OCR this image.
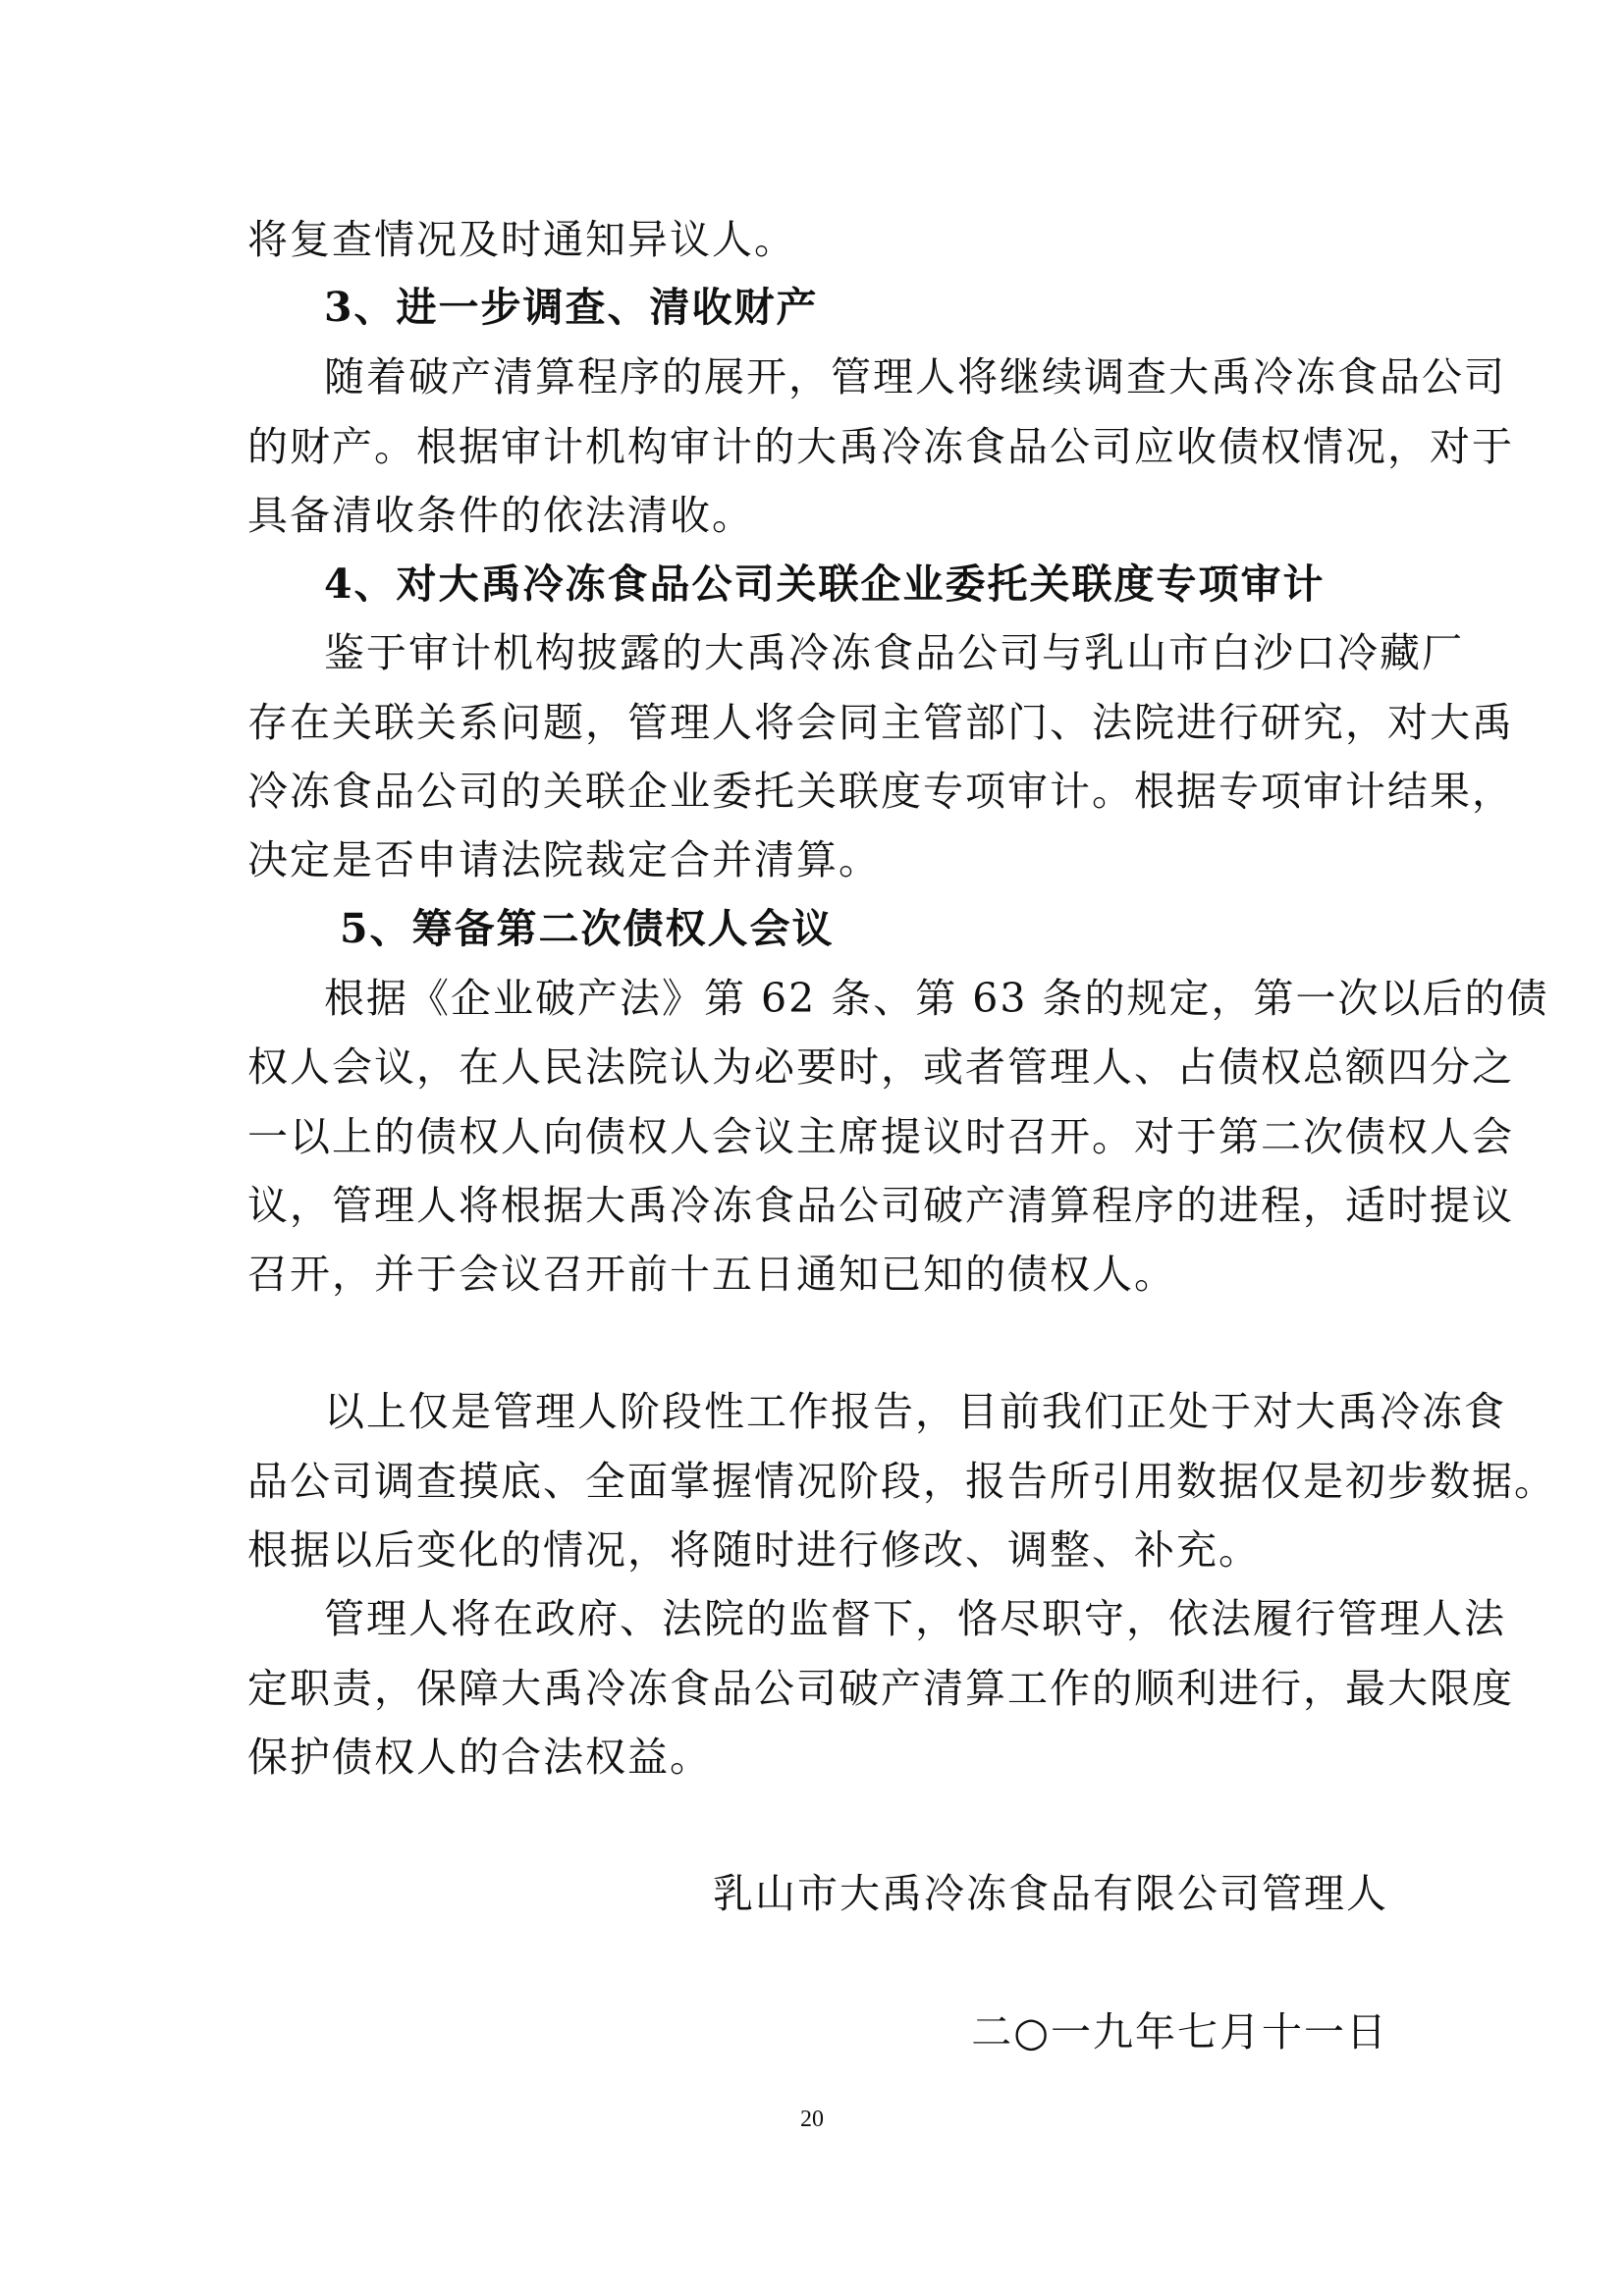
将复查情况及时通知异议人。
3、进一步调查、清收财产
随着破产清算程序的展开，管理人将继续调查大禹冷冻食品公司
的财产。根据审计机构审计的大禹冷冻食品公司应收债权情况，对于
具备清收条件的依法清收。
4、对大禹冷冻食品公司关联企业委托关联度专项审计
鉴于审计机构披露的大禹冷冻食品公司与乳山市白沙口冷藏厂
存在关联关系问题，管理人将会同主管部门、法院进行研究，对大禹
冷冻食品公司的关联企业委托关联度专项审计。根据专项审计结果，
决定是否申请法院裁定合并清算。
5、筹备第二次债权人会议
根据《企业破产法》第 62 条、第 63 条的规定，第一次以后的债
权人会议，在人民法院认为必要时，或者管理人、占债权总额四分之
一以上的债权人向债权人会议主席提议时召开。对于第二次债权人会
议，管理人将根据大禹冷冻食品公司破产清算程序的进程，适时提议
召开，并于会议召开前十五日通知已知的债权人。
以上仅是管理人阶段性工作报告，目前我们正处于对大禹冷冻食
品公司调查摸底、全面掌握情况阶段，报告所引用数据仅是初步数据。
根据以后变化的情况，将随时进行修改、调整、补充。
管理人将在政府、法院的监督下，恪尽职守，依法履行管理人法
定职责，保障大禹冷冻食品公司破产清算工作的顺利进行，最大限度
保护债权人的合法权益。
乳山市大禹冷冻食品有限公司管理人
二○一九年七月十一日
20
